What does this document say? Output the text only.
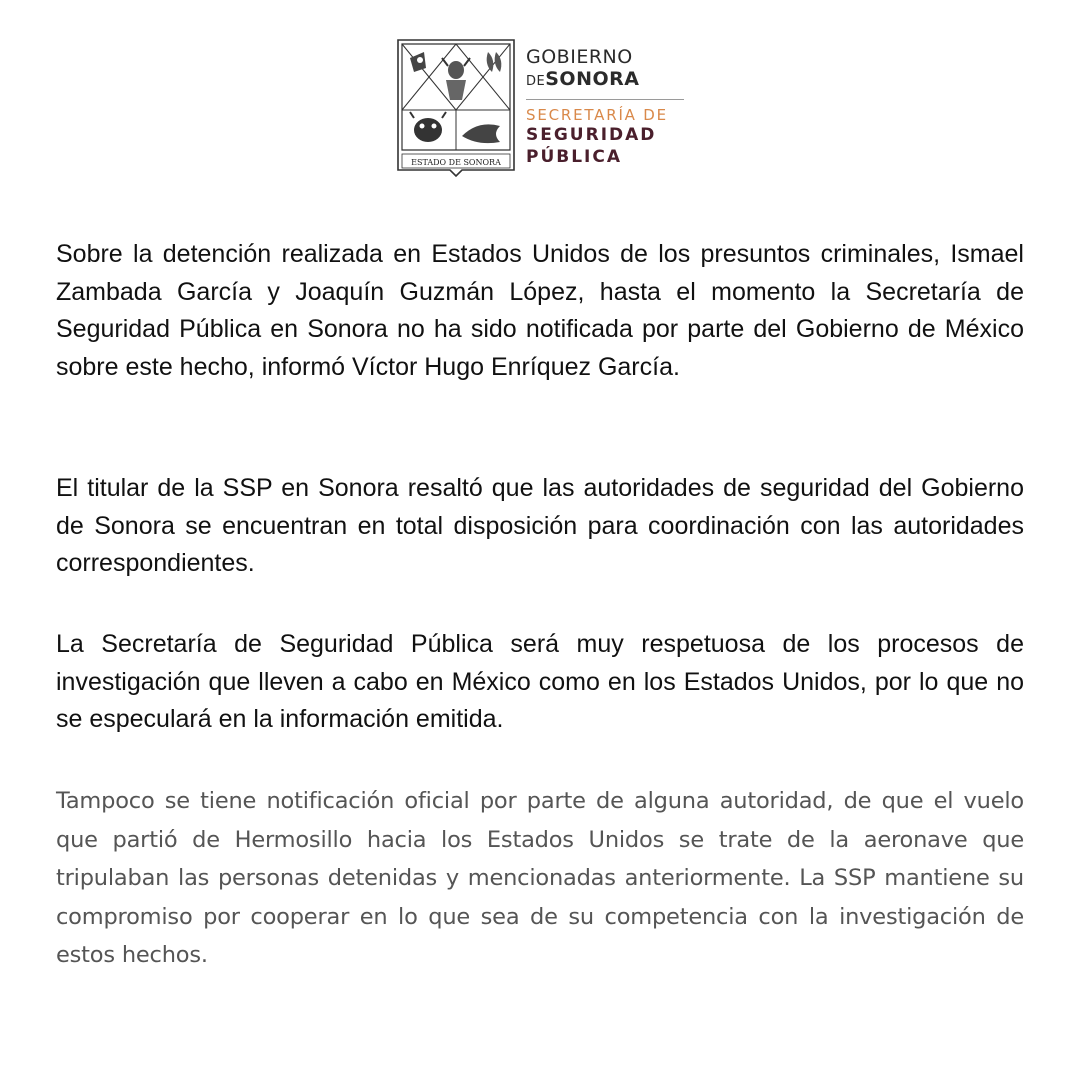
ESTADO DE SONORA
GOBIERNO
DESONORA
SECRETARÍA DE
SEGURIDAD
PÚBLICA

Sobre la detención realizada en Estados Unidos de los presuntos criminales, Ismael Zambada García y Joaquín Guzmán López, hasta el momento la Secretaría de Seguridad Pública en Sonora no ha sido notificada por parte del Gobierno de México sobre este hecho, informó Víctor Hugo Enríquez García.

El titular de la SSP en Sonora resaltó que las autoridades de seguridad del Gobierno de Sonora se encuentran en total disposición para coordinación con las autoridades correspondientes.

La Secretaría de Seguridad Pública será muy respetuosa de los procesos de investigación que lleven a cabo en México como en los Estados Unidos, por lo que no se especulará en la información emitida.

Tampoco se tiene notificación oficial por parte de alguna autoridad, de que el vuelo que partió de Hermosillo hacia los Estados Unidos se trate de la aeronave que tripulaban las personas detenidas y mencionadas anteriormente. La SSP mantiene su compromiso por cooperar en lo que sea de su competencia con la investigación de estos hechos.
